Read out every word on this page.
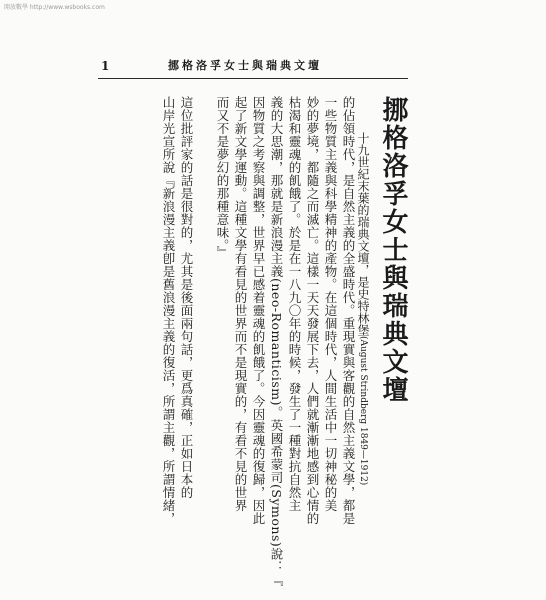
開放數學 http://www.wsbooks.com
1	挪格洛孚女士與瑞典文壇
挪格洛孚女士與瑞典文壇
十九世紀末葉的瑞典文壇，是史特林堡(August Strindberg 1849—1912)
的佔領時代，是自然主義的全盛時代。重現實與客觀的自然主義文學，都是
一些物質主義與科學精神的產物。在這個時代，人間生活中一切神秘的美
妙的夢境，都隨之而滅亡。這樣一天天發展下去，人們就漸漸地感到心情的
枯渴和靈魂的飢餓了。於是在一八九〇年的時候，發生了一種對抗自然主
義的大思潮，那就是新浪漫主義(neo-Romanticism)。英國希蒙司(Symons)說：『
因物質之考察與調整，世界早已感着靈魂的飢餓了。今因靈魂的復歸，因此
起了新文學運動。這種文學有看見的世界而不是現實的，有看不見的世界
而又不是夢幻的那種意味。』
這位批評家的話是很對的，尤其是後面兩句話，更爲真確，正如日本的
山岸光宣所說『新浪漫主義卽是舊浪漫主義的復活，所謂主觀，所謂情緒，
